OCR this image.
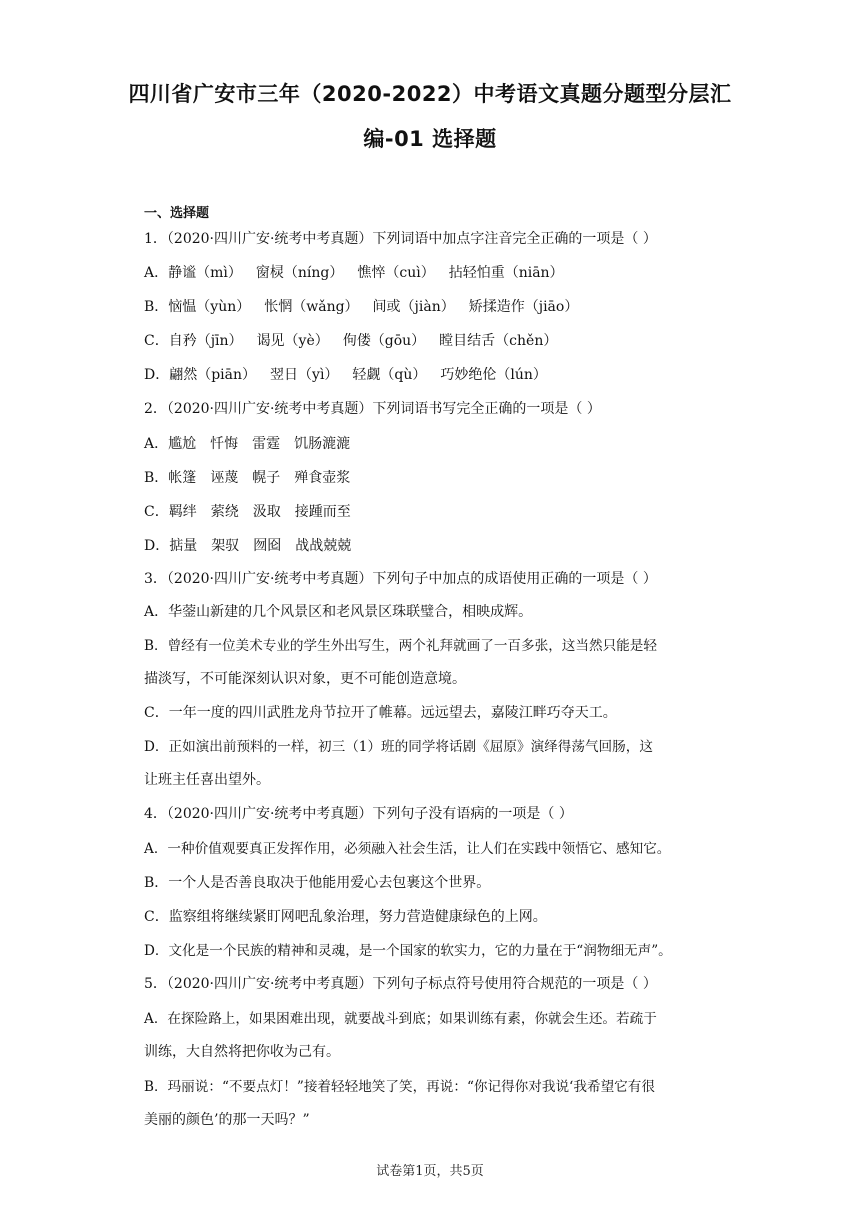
四川省广安市三年（2020-2022）中考语文真题分题型分层汇
编-01 选择题
一、选择题
1．（2020·四川广安·统考中考真题）下列词语中加点字注音完全正确的一项是（ ）
A．静谧（mì） 窗棂（níng） 憔悴（cuì） 拈轻怕重（niān）
B．恼愠（yùn） 怅惘（wǎng） 间或（jiàn） 矫揉造作（jiāo）
C．自矜（jīn） 谒见（yè） 佝偻（gōu） 瞠目结舌（chěn）
D．翩然（piān） 翌日（yì） 轻觑（qù） 巧妙绝伦（lún）
2．（2020·四川广安·统考中考真题）下列词语书写完全正确的一项是（ ）
A．尴尬 忏悔 雷霆 饥肠漉漉
B．帐篷 诬蔑 幌子 殚食壶浆
C．羁绊 萦绕 汲取 接踵而至
D．掂量 架驭 囫囵 战战兢兢
3．（2020·四川广安·统考中考真题）下列句子中加点的成语使用正确的一项是（ ）
A．华蓥山新建的几个风景区和老风景区珠联璧合，相映成辉。
B．曾经有一位美术专业的学生外出写生，两个礼拜就画了一百多张，这当然只能是轻
描淡写，不可能深刻认识对象，更不可能创造意境。
C．一年一度的四川武胜龙舟节拉开了帷幕。远远望去，嘉陵江畔巧夺天工。
D．正如演出前预料的一样，初三（1）班的同学将话剧《屈原》演绎得荡气回肠，这
让班主任喜出望外。
4．（2020·四川广安·统考中考真题）下列句子没有语病的一项是（ ）
A．一种价值观要真正发挥作用，必须融入社会生活，让人们在实践中领悟它、感知它。
B．一个人是否善良取决于他能用爱心去包裹这个世界。
C．监察组将继续紧盯网吧乱象治理，努力营造健康绿色的上网。
D．文化是一个民族的精神和灵魂，是一个国家的软实力，它的力量在于“润物细无声”。
5．（2020·四川广安·统考中考真题）下列句子标点符号使用符合规范的一项是（ ）
A．在探险路上，如果困难出现，就要战斗到底；如果训练有素，你就会生还。若疏于
训练，大自然将把你收为己有。
B．玛丽说：“不要点灯！”接着轻轻地笑了笑，再说：“你记得你对我说‘我希望它有很
美丽的颜色’的那一天吗？”
试卷第1页，共5页
